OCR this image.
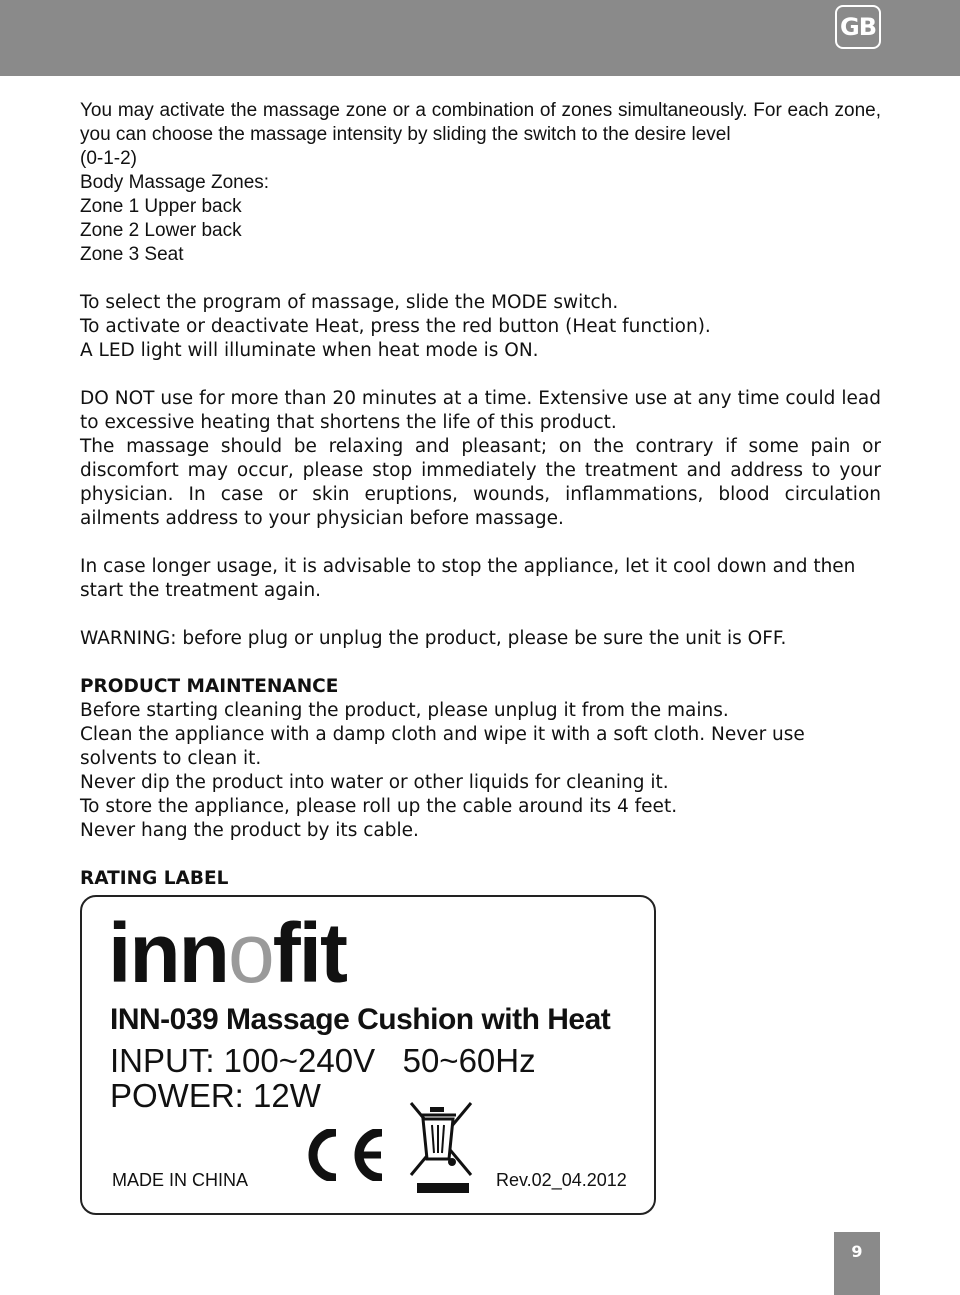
GB

You may activate the massage zone or a combination of zones simultaneously. For each zone, you can choose the massage intensity by sliding the switch to the desire level

(0-1-2)

Body Massage Zones:

Zone 1 Upper back

Zone 2 Lower back

Zone 3 Seat

To select the program of massage, slide the MODE switch.

To activate or deactivate Heat, press the red button (Heat function).

A LED light will illuminate when heat mode is ON.

DO NOT use for more than 20 minutes at a time. Extensive use at any time could lead to excessive heating that shortens the life of this product.

The massage should be relaxing and pleasant; on the contrary if some pain or discomfort may occur, please stop immediately the treatment and address to your physician. In case or skin eruptions, wounds, inflammations, blood circulation ailments address to your physician before massage.

In case longer usage, it is advisable to stop the appliance, let it cool down and then start the treatment again.

WARNING: before plug or unplug the product, please be sure the unit is OFF.

PRODUCT MAINTENANCE

Before starting cleaning the product, please unplug it from the mains.

Clean the appliance with a damp cloth and wipe it with a soft cloth. Never use solvents to clean it.

Never dip the product into water or other liquids for cleaning it.

To store the appliance, please roll up the cable around its 4 feet.

Never hang the product by its cable.

RATING LABEL

innofit
INN-039 Massage Cushion with Heat
INPUT: 100~240V   50~60Hz
POWER: 12W
MADE IN CHINA	Rev.02_04.2012
9
